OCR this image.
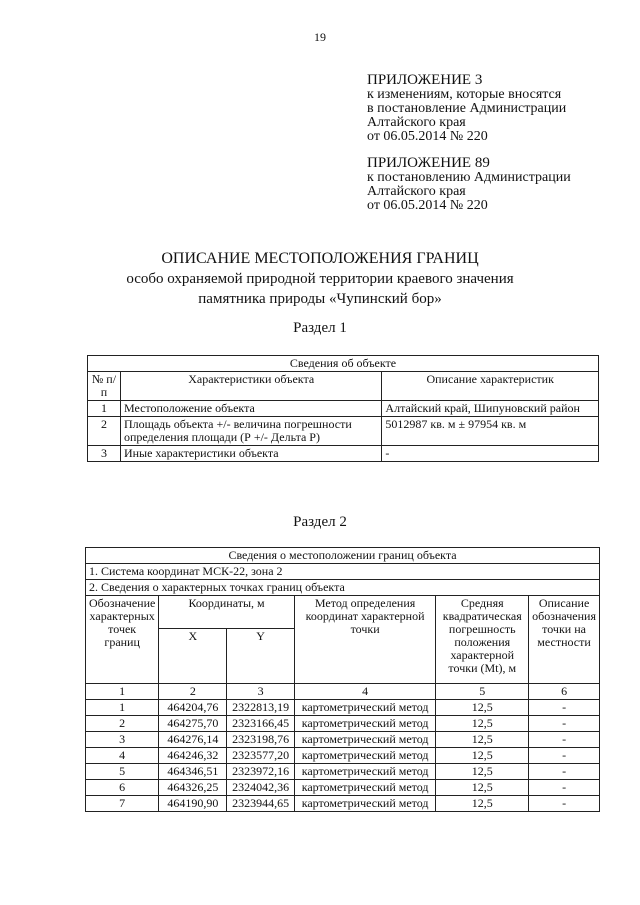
19
ПРИЛОЖЕНИЕ 3
к изменениям, которые вносятся
в постановление Администрации
Алтайского края
от 06.05.2014 № 220
ПРИЛОЖЕНИЕ 89
к постановлению Администрации
Алтайского края
от 06.05.2014 № 220
ОПИСАНИЕ МЕСТОПОЛОЖЕНИЯ ГРАНИЦ
особо охраняемой природной территории краевого значения
памятника природы «Чупинский бор»
Раздел 1
Сведения об объекте		
№ п/п	Характеристики объекта	Описание характеристик
1	Местоположение объекта	Алтайский край, Шипуновский район
2	Площадь объекта +/- величина погрешности определения площади (Р +/- Дельта Р)	5012987 кв. м ± 97954 кв. м
3	Иные характеристики объекта	-
Раздел 2
Сведения о местоположении границ объекта					
1. Система координат МСК-22, зона 2					
2. Сведения о характерных точках границ объекта					
Обозначение характерных точек границ	Координаты, м		Метод определения координат характерной точки	Средняя квадратическая погрешность положения характерной точки (Mt), м	Описание обозначения точки на местности
	X	Y			
1	2	3	4	5	6
1	464204,76	2322813,19	картометрический метод	12,5	-
2	464275,70	2323166,45	картометрический метод	12,5	-
3	464276,14	2323198,76	картометрический метод	12,5	-
4	464246,32	2323577,20	картометрический метод	12,5	-
5	464346,51	2323972,16	картометрический метод	12,5	-
6	464326,25	2324042,36	картометрический метод	12,5	-
7	464190,90	2323944,65	картометрический метод	12,5	-
